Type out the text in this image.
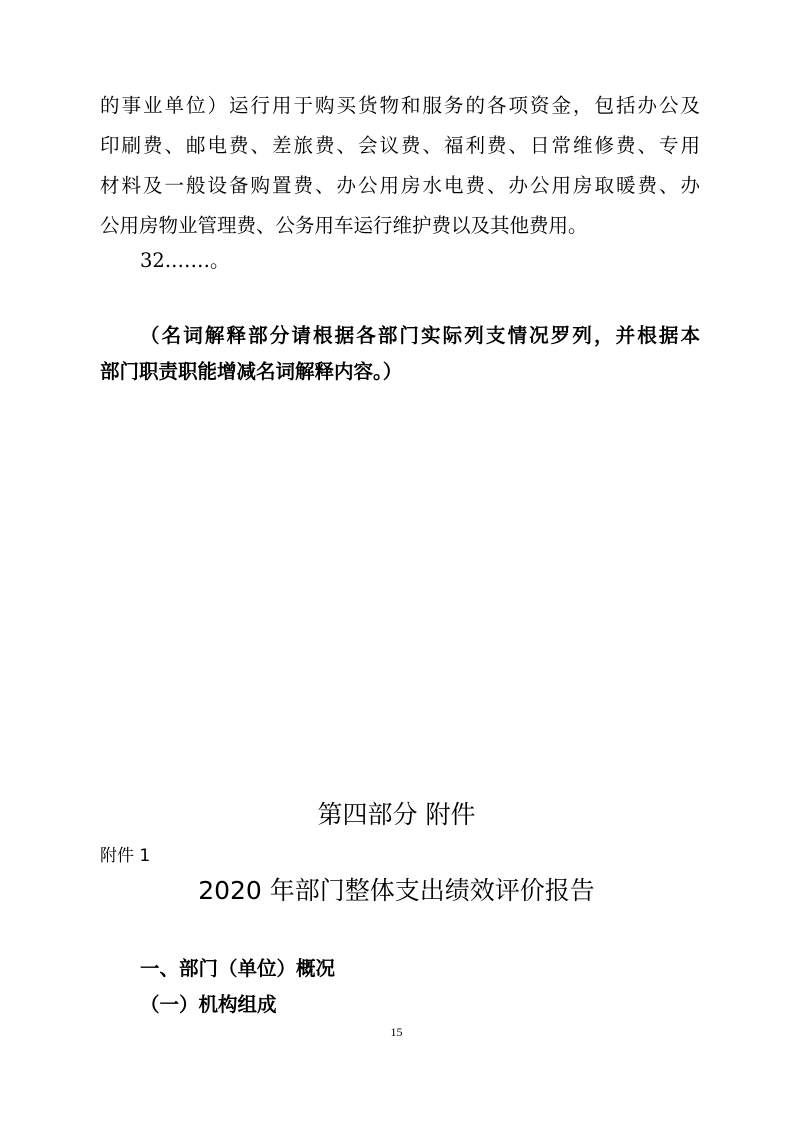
的事业单位）运行用于购买货物和服务的各项资金，包括办公及
印刷费、邮电费、差旅费、会议费、福利费、日常维修费、专用
材料及一般设备购置费、办公用房水电费、办公用房取暖费、办
公用房物业管理费、公务用车运行维护费以及其他费用。
32.……。
（名词解释部分请根据各部门实际列支情况罗列，并根据本
部门职责职能增减名词解释内容。）
第四部分 附件
附件 1
2020 年部门整体支出绩效评价报告
一、部门（单位）概况
（一）机构组成
15
